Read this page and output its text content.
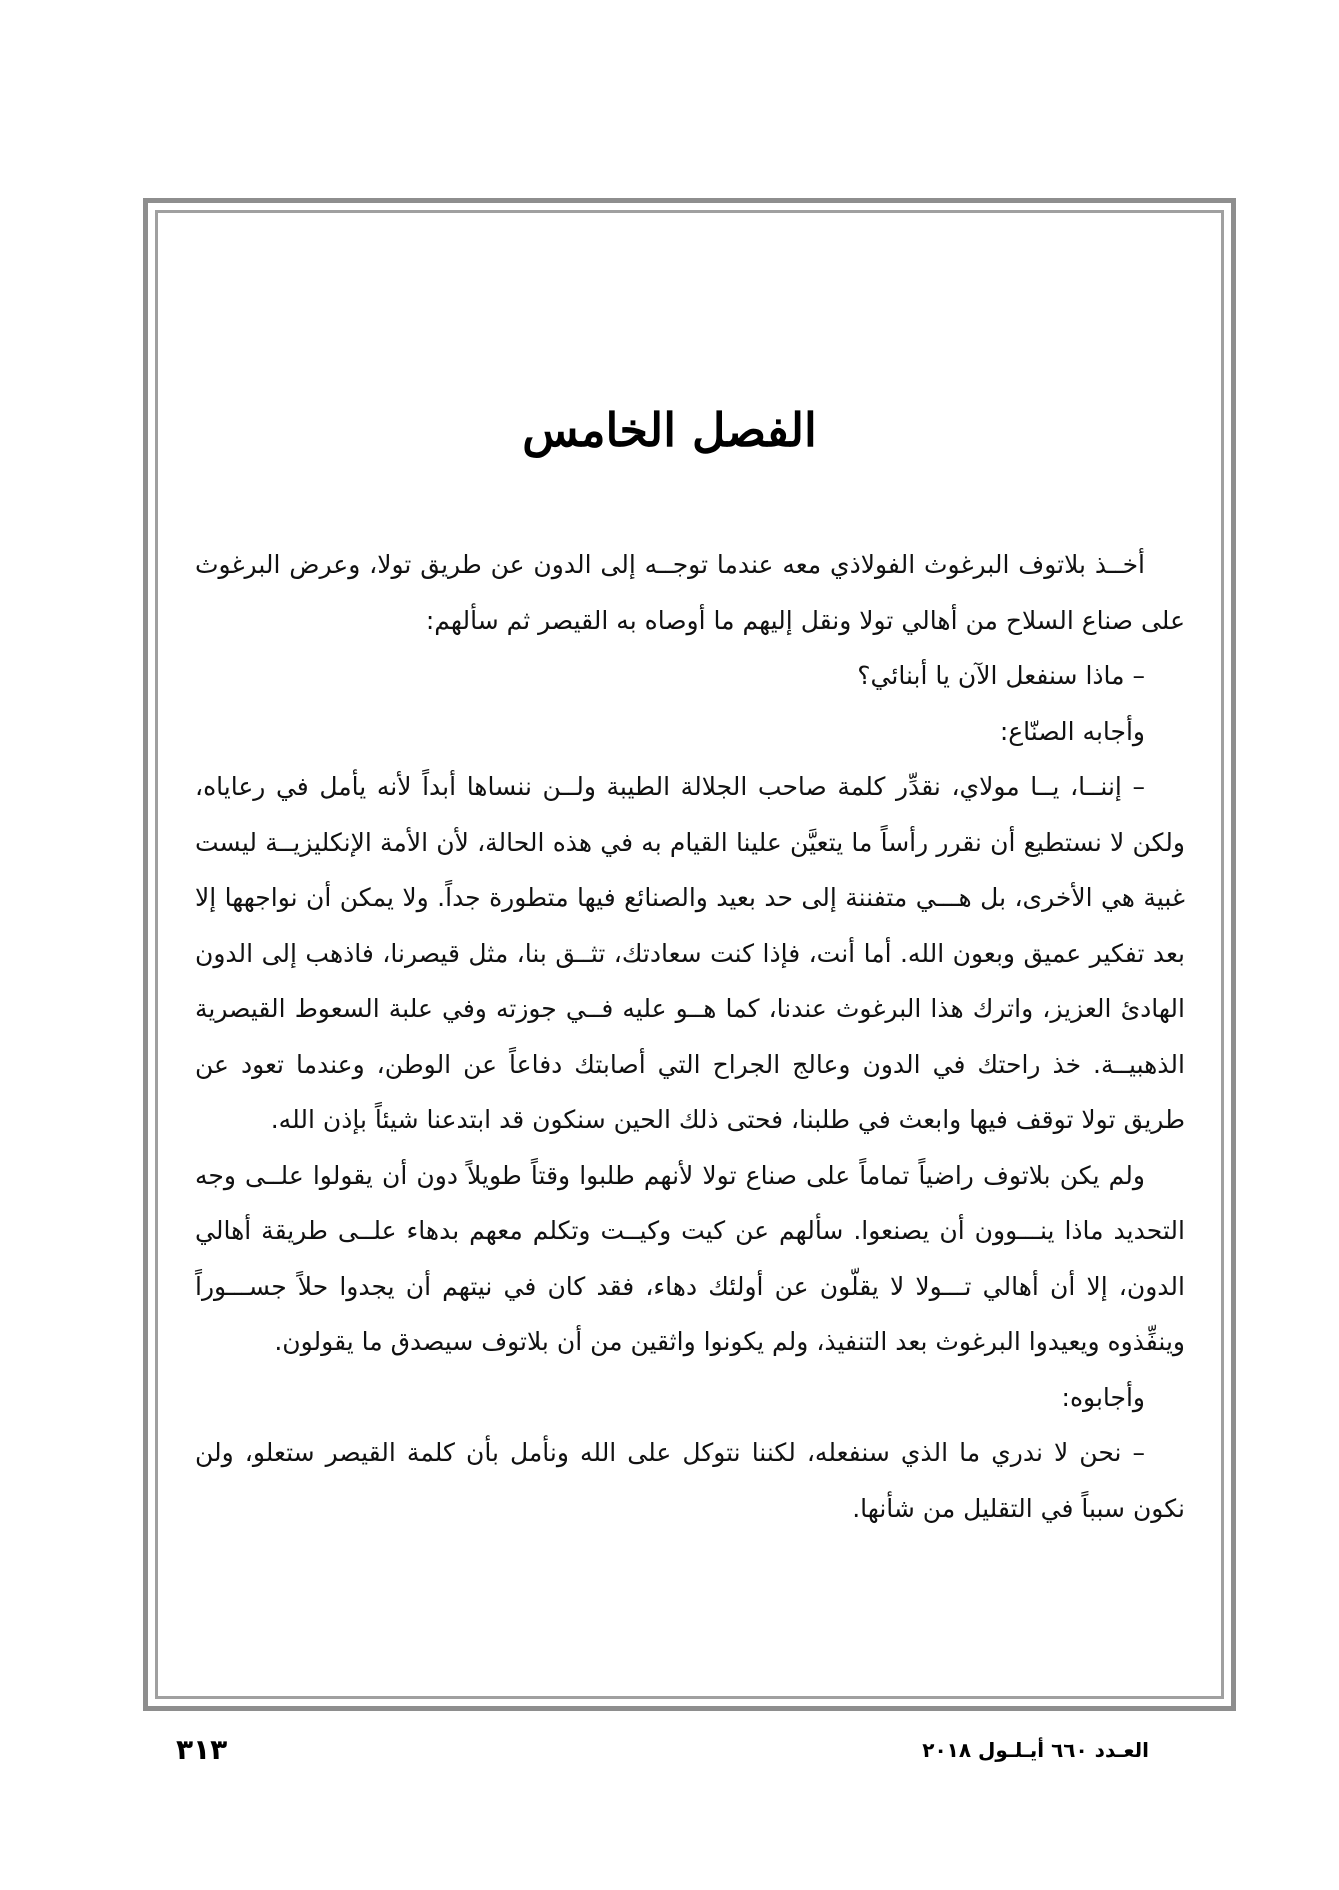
الفصل الخامس

أخــذ بلاتوف البرغوث الفولاذي معه عندما توجــه إلى الدون عن طريق تولا، وعرض البرغوث على صناع السلاح من أهالي تولا ونقل إليهم ما أوصاه به القيصر ثم سألهم:

– ماذا سنفعل الآن يا أبنائي؟

وأجابه الصنّاع:

– إننــا، يــا مولاي، نقدِّر كلمة صاحب الجلالة الطيبة ولــن ننساها أبداً لأنه يأمل في رعاياه، ولكن لا نستطيع أن نقرر رأساً ما يتعيَّن علينا القيام به في هذه الحالة، لأن الأمة الإنكليزيــة ليست غبية هي الأخرى، بل هـــي متفننة إلى حد بعيد والصنائع فيها متطورة جداً. ولا يمكن أن نواجهها إلا بعد تفكير عميق وبعون الله. أما أنت، فإذا كنت سعادتك، تثــق بنا، مثل قيصرنا، فاذهب إلى الدون الهادئ العزيز، واترك هذا البرغوث عندنا، كما هــو عليه فــي جوزته وفي علبة السعوط القيصرية الذهبيــة. خذ راحتك في الدون وعالج الجراح التي أصابتك دفاعاً عن الوطن، وعندما تعود عن طريق تولا توقف فيها وابعث في طلبنا، فحتى ذلك الحين سنكون قد ابتدعنا شيئاً بإذن الله.

ولم يكن بلاتوف راضياً تماماً على صناع تولا لأنهم طلبوا وقتاً طويلاً دون أن يقولوا علــى وجه التحديد ماذا ينـــوون أن يصنعوا. سألهم عن كيت وكيــت وتكلم معهم بدهاء علــى طريقة أهالي الدون، إلا أن أهالي تـــولا لا يقلّون عن أولئك دهاء، فقد كان في نيتهم أن يجدوا حلاً جســـوراً وينفِّذوه ويعيدوا البرغوث بعد التنفيذ، ولم يكونوا واثقين من أن بلاتوف سيصدق ما يقولون.

وأجابوه:

– نحن لا ندري ما الذي سنفعله، لكننا نتوكل على الله ونأمل بأن كلمة القيصر ستعلو، ولن نكون سبباً في التقليل من شأنها.

٣١٣	العـدد ٦٦٠ أيـلـول ٢٠١٨
